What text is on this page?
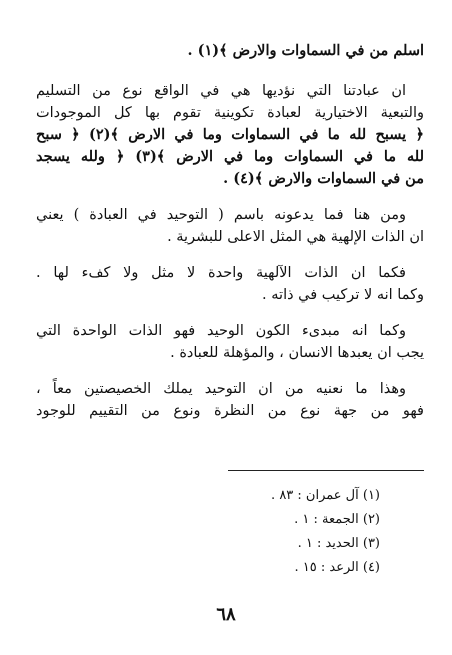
اسلم من في السماوات والارض ﴾(١) .
ان عبادتنا التي نؤديها هي في الواقع نوع من التسليم
والتبعية الاختيارية لعبادة تكوينية تقوم بها كل الموجودات
﴿ يسبح لله ما في السماوات وما في الارض ﴾(٢) ﴿ سبح
لله ما في السماوات وما في الارض ﴾(٣) ﴿ ولله يسجد
من في السماوات والارض ﴾(٤) .
ومن هنا فما يدعونه باسم ( التوحيد في العبادة ) يعني
ان الذات الإلهية هي المثل الاعلى للبشرية .
فكما ان الذات الآلهية واحدة لا مثل ولا كفء لها .
وكما انه لا تركيب في ذاته .
وكما انه مبدىء الكون الوحيد فهو الذات الواحدة التي
يجب ان يعبدها الانسان ، والمؤهلة للعبادة .
وهذا ما نعنيه من ان التوحيد يملك الخصيصتين معاً ،
فهو من جهة نوع من النظرة ونوع من التقييم للوجود
(١) آل عمران : ٨٣ .
(٢) الجمعة : ١ .
(٣) الحديد : ١ .
(٤) الرعد : ١٥ .
٦٨
